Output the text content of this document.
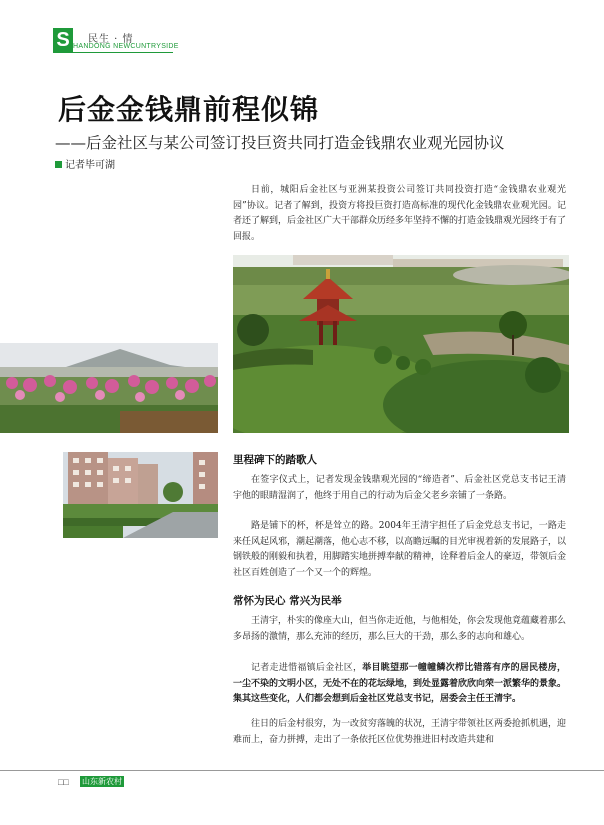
S	民生 · 情
HANDONG NEWCUNTRYSIDE
后金金钱鼎前程似锦
——后金社区与某公司签订投巨资共同打造金钱鼎农业观光园协议
记者毕可湖
日前，城阳后金社区与亚洲某投资公司签订共同投资打造“金钱鼎农业观光园”协议。记者了解到，投资方将投巨资打造高标准的现代化金钱鼎农业观光园。记者还了解到，后金社区广大干部群众历经多年坚持不懈的打造金钱鼎观光园终于有了回报。
里程碑下的踏歌人
在签字仪式上，记者发现金钱鼎观光园的“缔造者”、后金社区党总支书记王清宇他的眼睛湿润了，他终于用自己的行动为后金父老乡亲铺了一条路。
路是铺下的杯，杯是耸立的路。2004年王清宇担任了后金党总支书记，一路走来任风起风邪，潮起潮落，他心志不移，以高瞻远瞩的目光审视着新的发展路子，以钢铁般的刚毅和执着，用脚踏实地拼搏奉献的精神，诠释着后金人的豪迈，带领后金社区百姓创造了一个又一个的辉煌。
常怀为民心 常兴为民举
王清宇，朴实的像座大山，但当你走近他，与他相处，你会发现他竟蕴藏着那么多昂扬的激情，那么充沛的经历，那么巨大的干劲，那么多的志向和雄心。
记者走进惜福镇后金社区，举目眺望那一幢幢鳞次栉比错落有序的居民楼房，一尘不染的文明小区，无处不在的花坛绿地，到处显露着欣欣向荣一派繁华的景象。集其这些变化，人们都会想到后金社区党总支书记，居委会主任王清宇。
往日的后金村很穷，为一改贫穷落魄的状况，王清宇带领社区两委抢抓机遇，迎难而上，奋力拼搏，走出了一条依托区位优势推进旧村改造共建和
□□ 山东新农村
